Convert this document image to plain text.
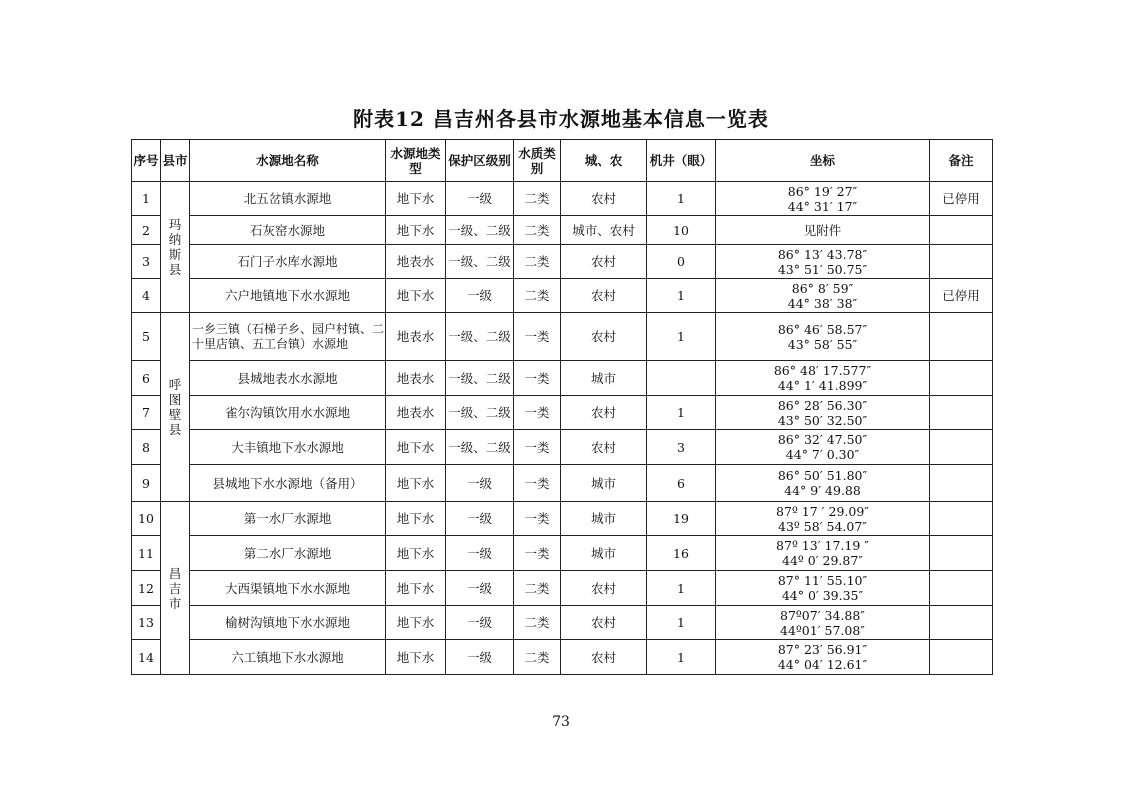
附表12 昌吉州各县市水源地基本信息一览表
序号	县市	水源地名称	水源地类型	保护区级别	水质类别	城、农	机井（眼）	坐标	备注
1	玛纳斯县	北五岔镇水源地	地下水	一级	二类	农村	1	86° 19′ 27″
44° 31′ 17″	已停用
2		石灰窑水源地	地下水	一级、二级	二类	城市、农村	10	见附件	

3		石门子水库水源地	地表水	一级、二级	二类	农村	0	86° 13′ 43.78″
43° 51′ 50.75″	

4		六户地镇地下水水源地	地下水	一级	二类	农村	1	86° 8′ 59″
44° 38′ 38″	已停用
5	呼图壁县	一乡三镇（石梯子乡、园户村镇、二十里店镇、五工台镇）水源地	地表水	一级、二级	一类	农村	1	86° 46′ 58.57″
43° 58′ 55″	

6		县城地表水水源地	地表水	一级、二级	一类	城市		86° 48′ 17.577″
44° 1′ 41.899″	

7		雀尔沟镇饮用水水源地	地表水	一级、二级	一类	农村	1	86° 28′ 56.30″
43° 50′ 32.50″	

8		大丰镇地下水水源地	地下水	一级、二级	一类	农村	3	86° 32′ 47.50″
44° 7′ 0.30″	

9		县城地下水水源地（备用）	地下水	一级	一类	城市	6	86° 50′ 51.80″
44° 9′ 49.88	

10	昌吉市	第一水厂水源地	地下水	一级	一类	城市	19	87º 17 ′ 29.09″
43º 58′ 54.07″	

11		第二水厂水源地	地下水	一级	一类	城市	16	87º 13′ 17.19 ″
44º 0′ 29.87″	

12		大西渠镇地下水水源地	地下水	一级	二类	农村	1	87° 11′ 55.10″
44° 0′ 39.35″	

13		榆树沟镇地下水水源地	地下水	一级	二类	农村	1	87º07′ 34.88″
44º01′ 57.08″	

14		六工镇地下水水源地	地下水	一级	二类	农村	1	87° 23′ 56.91″
44° 04′ 12.61″	

73
